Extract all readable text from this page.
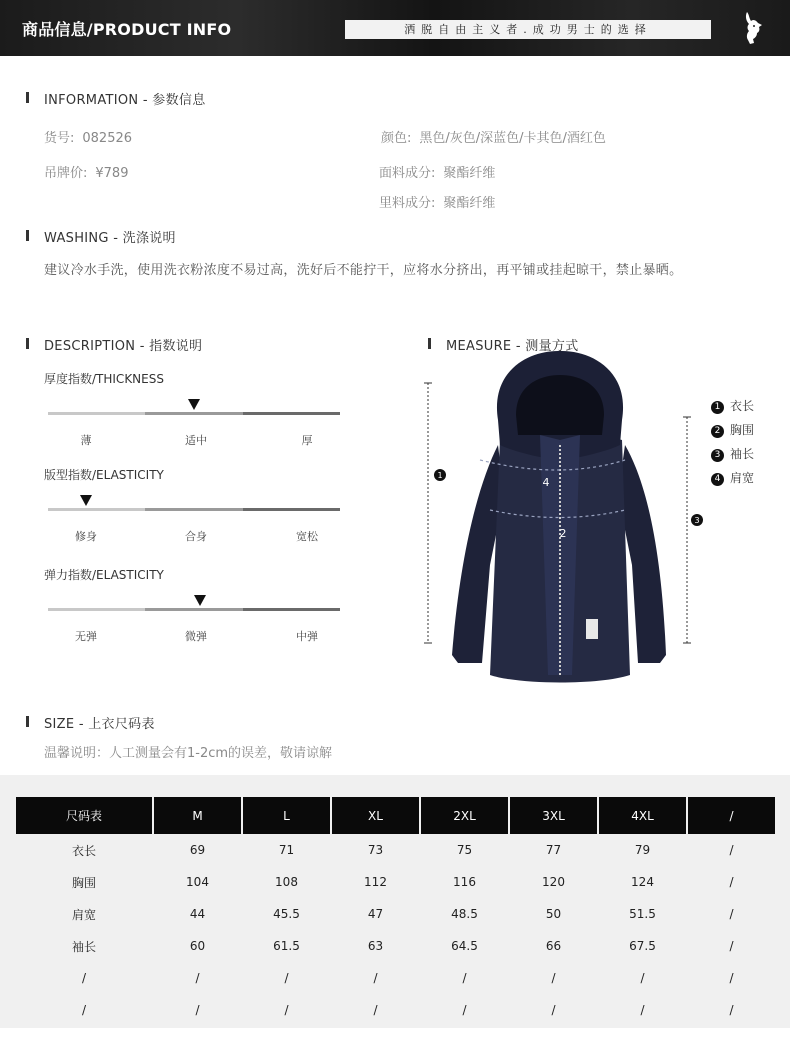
商品信息/PRODUCT INFO	洒脱自由主义者.成功男士的选择
INFORMATION - 参数信息
货号: 082526
吊牌价: ¥789
颜色: 黑色/灰色/深蓝色/卡其色/酒红色
面料成分: 聚酯纤维
里料成分: 聚酯纤维
WASHING - 洗涤说明
建议冷水手洗，使用洗衣粉浓度不易过高，洗好后不能拧干，应将水分挤出，再平铺或挂起晾干，禁止暴晒。
DESCRIPTION - 指数说明
厚度指数/THICKNESS
薄	适中	厚
版型指数/ELASTICITY
修身	合身	宽松
弹力指数/ELASTICITY
无弹	微弹	中弹
MEASURE - 测量方式
1
3
4
2
1 衣长
2 胸围
3 袖长
4 肩宽
SIZE - 上衣尺码表
温馨说明：人工测量会有1-2cm的误差，敬请谅解
尺码表	M	L	XL	2XL	3XL	4XL	/
衣长	69	71	73	75	77	79	/
胸围	104	108	112	116	120	124	/
肩宽	44	45.5	47	48.5	50	51.5	/
袖长	60	61.5	63	64.5	66	67.5	/
/	/	/	/	/	/	/	/
/	/	/	/	/	/	/	/
